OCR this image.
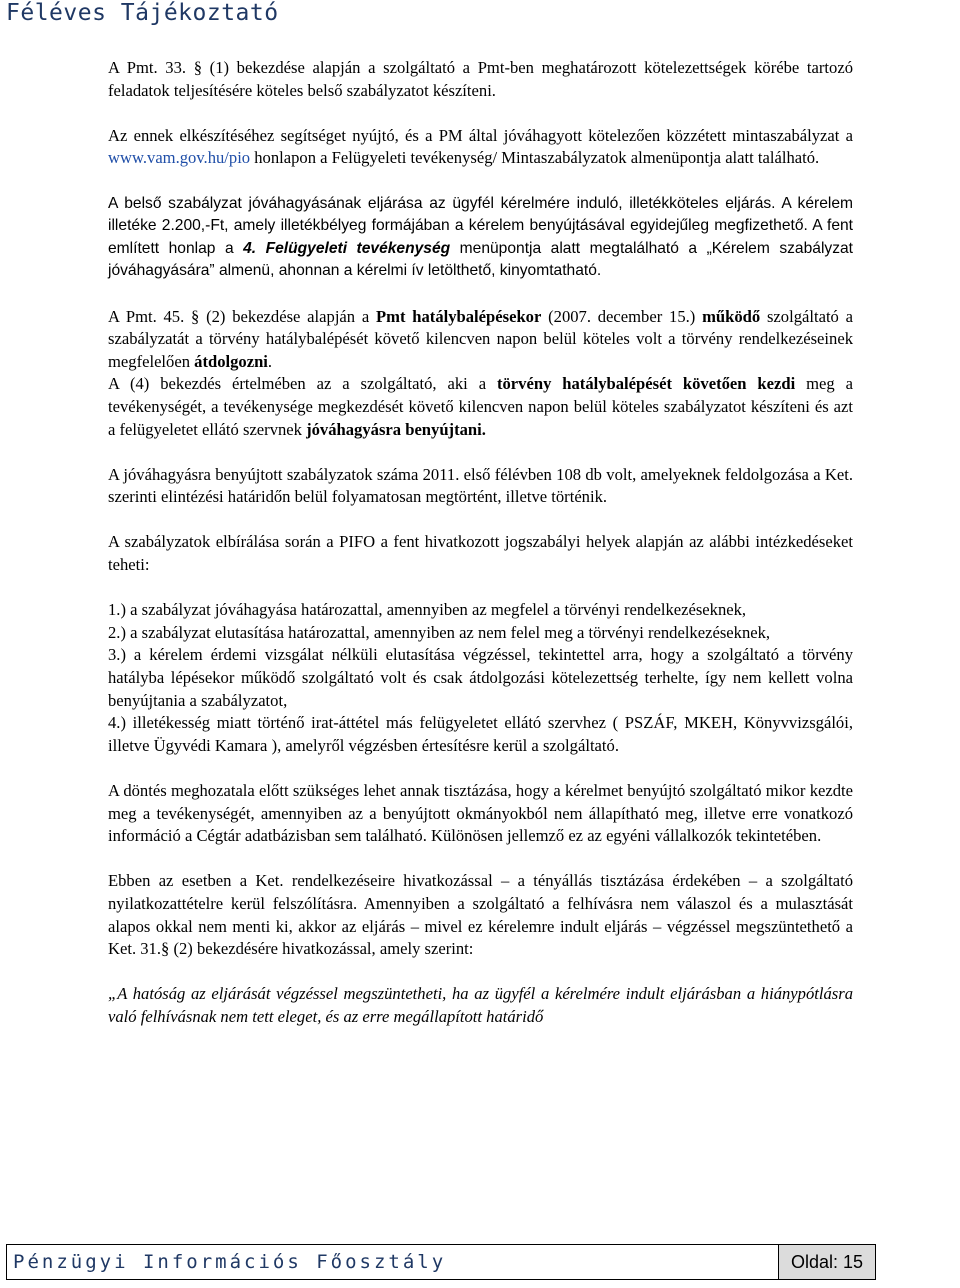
Féléves Tájékoztató

A Pmt. 33. § (1) bekezdése alapján a szolgáltató a Pmt-ben meghatározott kötelezettségek körébe tartozó feladatok teljesítésére köteles belső szabályzatot készíteni.

Az ennek elkészítéséhez segítséget nyújtó, és a PM által jóváhagyott kötelezően közzétett mintaszabályzat a www.vam.gov.hu/pio honlapon a Felügyeleti tevékenység/ Mintaszabályzatok almenüpontja alatt található.

A belső szabályzat jóváhagyásának eljárása az ügyfél kérelmére induló, illetékköteles eljárás. A kérelem illetéke 2.200,-Ft, amely illetékbélyeg formájában a kérelem benyújtásával egyidejűleg megfizethető. A fent említett honlap a 4. Felügyeleti tevékenység menüpontja alatt megtalálható a „Kérelem szabályzat jóváhagyására” almenü, ahonnan a kérelmi ív letölthető, kinyomtatható.

A Pmt. 45. § (2) bekezdése alapján a Pmt hatálybalépésekor (2007. december 15.) működő szolgáltató a szabályzatát a törvény hatálybalépését követő kilencven napon belül köteles volt a törvény rendelkezéseinek megfelelően átdolgozni.

A (4) bekezdés értelmében az a szolgáltató, aki a törvény hatálybalépését követően kezdi meg a tevékenységét, a tevékenysége megkezdését követő kilencven napon belül köteles szabályzatot készíteni és azt a felügyeletet ellátó szervnek jóváhagyásra benyújtani.

A jóváhagyásra benyújtott szabályzatok száma 2011. első félévben 108 db volt, amelyeknek feldolgozása a Ket. szerinti elintézési határidőn belül folyamatosan megtörtént, illetve történik.

A szabályzatok elbírálása során a PIFO a fent hivatkozott jogszabályi helyek alapján az alábbi intézkedéseket teheti:

1.) a szabályzat jóváhagyása határozattal, amennyiben az megfelel a törvényi rendelkezéseknek,

2.) a szabályzat elutasítása határozattal, amennyiben az nem felel meg a törvényi rendelkezéseknek,

3.) a kérelem érdemi vizsgálat nélküli elutasítása végzéssel, tekintettel arra, hogy a szolgáltató a törvény hatályba lépésekor működő szolgáltató volt és csak átdolgozási kötelezettség terhelte, így nem kellett volna benyújtania a szabályzatot,

4.) illetékesség miatt történő irat-áttétel más felügyeletet ellátó szervhez ( PSZÁF, MKEH, Könyvvizsgálói, illetve Ügyvédi Kamara ), amelyről végzésben értesítésre kerül a szolgáltató.

A döntés meghozatala előtt szükséges lehet annak tisztázása, hogy a kérelmet benyújtó szolgáltató mikor kezdte meg a tevékenységét, amennyiben az a benyújtott okmányokból nem állapítható meg, illetve erre vonatkozó információ a Cégtár adatbázisban sem található. Különösen jellemző ez az egyéni vállalkozók tekintetében.

Ebben az esetben a Ket. rendelkezéseire hivatkozással – a tényállás tisztázása érdekében – a szolgáltató nyilatkozattételre kerül felszólításra. Amennyiben a szolgáltató a felhívásra nem válaszol és a mulasztását alapos okkal nem menti ki, akkor az eljárás – mivel ez kérelemre indult eljárás – végzéssel megszüntethető a Ket. 31.§ (2) bekezdésére hivatkozással, amely szerint:

„A hatóság az eljárását végzéssel megszüntetheti, ha az ügyfél a kérelmére indult eljárásban a hiánypótlásra való felhívásnak nem tett eleget, és az erre megállapított határidő

Pénzügyi Információs Főosztály	Oldal: 15
